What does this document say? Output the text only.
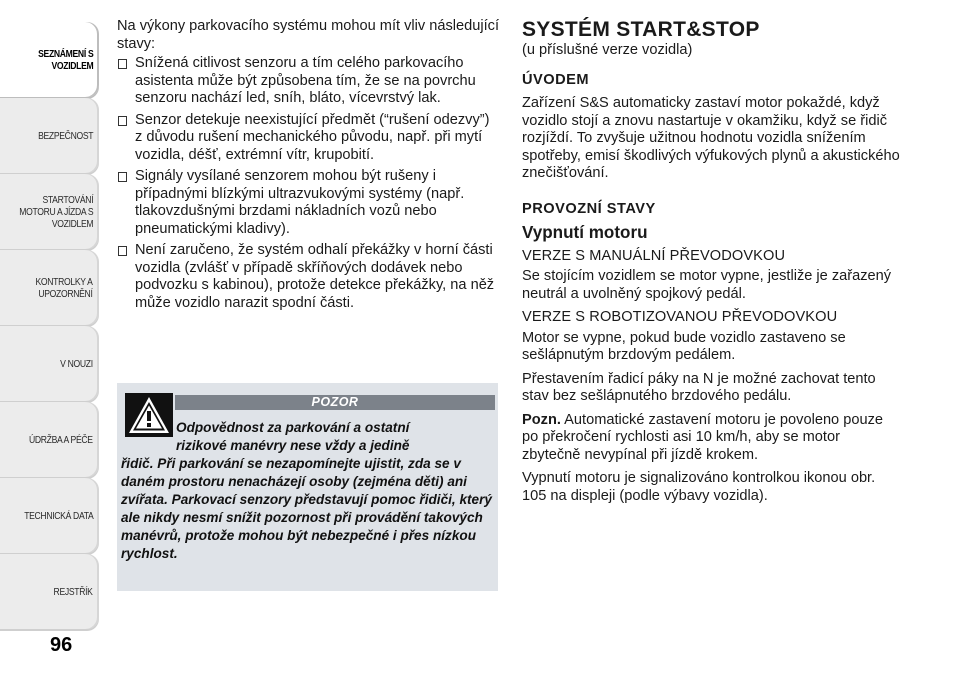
SEZNÁMENÍ S
VOZIDLEM
BEZPEČNOST
STARTOVÁNÍ
MOTORU A JÍZDA S
VOZIDLEM
KONTROLKY A
UPOZORNĚNÍ
V NOUZI
ÚDRŽBA A PÉČE
TECHNICKÁ DATA
REJSTŘÍK
96

Na výkony parkovacího systému mohou mít vliv následující stavy:

Snížená citlivost senzoru a tím celého parkovacího asistenta může být způsobena tím, že se na povrchu senzoru nachází led, sníh, bláto, vícevrstvý lak.
Senzor detekuje neexistující předmět (“rušení odezvy”) z důvodu rušení mechanického původu, např. při mytí vozidla, déšť, extrémní vítr, krupobití.
Signály vysílané senzorem mohou být rušeny i případnými blízkými ultrazvukovými systémy (např. tlakovzdušnými brzdami nákladních vozů nebo pneumatickými kladivy).
Není zaručeno, že systém odhalí překážky v horní části vozidla (zvlášť v případě skříňových dodávek nebo podvozku s kabinou), protože detekce překážky, na něž může vozidlo narazit spodní části.
POZOR
Odpovědnost za parkování a ostatní
rizikové manévry nese vždy a jedině
řidič. Při parkování se nezapomínejte ujistit, zda se v daném prostoru nenacházejí osoby (zejména děti) ani zvířata. Parkovací senzory představují pomoc řidiči, který ale nikdy nesmí snížit pozornost při provádění takových manévrů, protože mohou být nebezpečné i přes nízkou rychlost.
SYSTÉM START&STOP

(u příslušné verze vozidla)

ÚVODEM

Zařízení S&S automaticky zastaví motor pokaždé, když vozidlo stojí a znovu nastartuje v okamžiku, když se řidič rozjíždí. To zvyšuje užitnou hodnotu vozidla snížením spotřeby, emisí škodlivých výfukových plynů a akustického znečišťování.

PROVOZNÍ STAVY
Vypnutí motoru

VERZE S MANUÁLNÍ PŘEVODOVKOU

Se stojícím vozidlem se motor vypne, jestliže je zařazený neutrál a uvolněný spojkový pedál.

VERZE S ROBOTIZOVANOU PŘEVODOVKOU

Motor se vypne, pokud bude vozidlo zastaveno se sešlápnutým brzdovým pedálem.

Přestavením řadicí páky na N je možné zachovat tento stav bez sešlápnutého brzdového pedálu.

Pozn. Automatické zastavení motoru je povoleno pouze po překročení rychlosti asi 10 km/h, aby se motor zbytečně nevypínal při jízdě krokem.

Vypnutí motoru je signalizováno kontrolkou ikonou obr. 105 na displeji (podle výbavy vozidla).
